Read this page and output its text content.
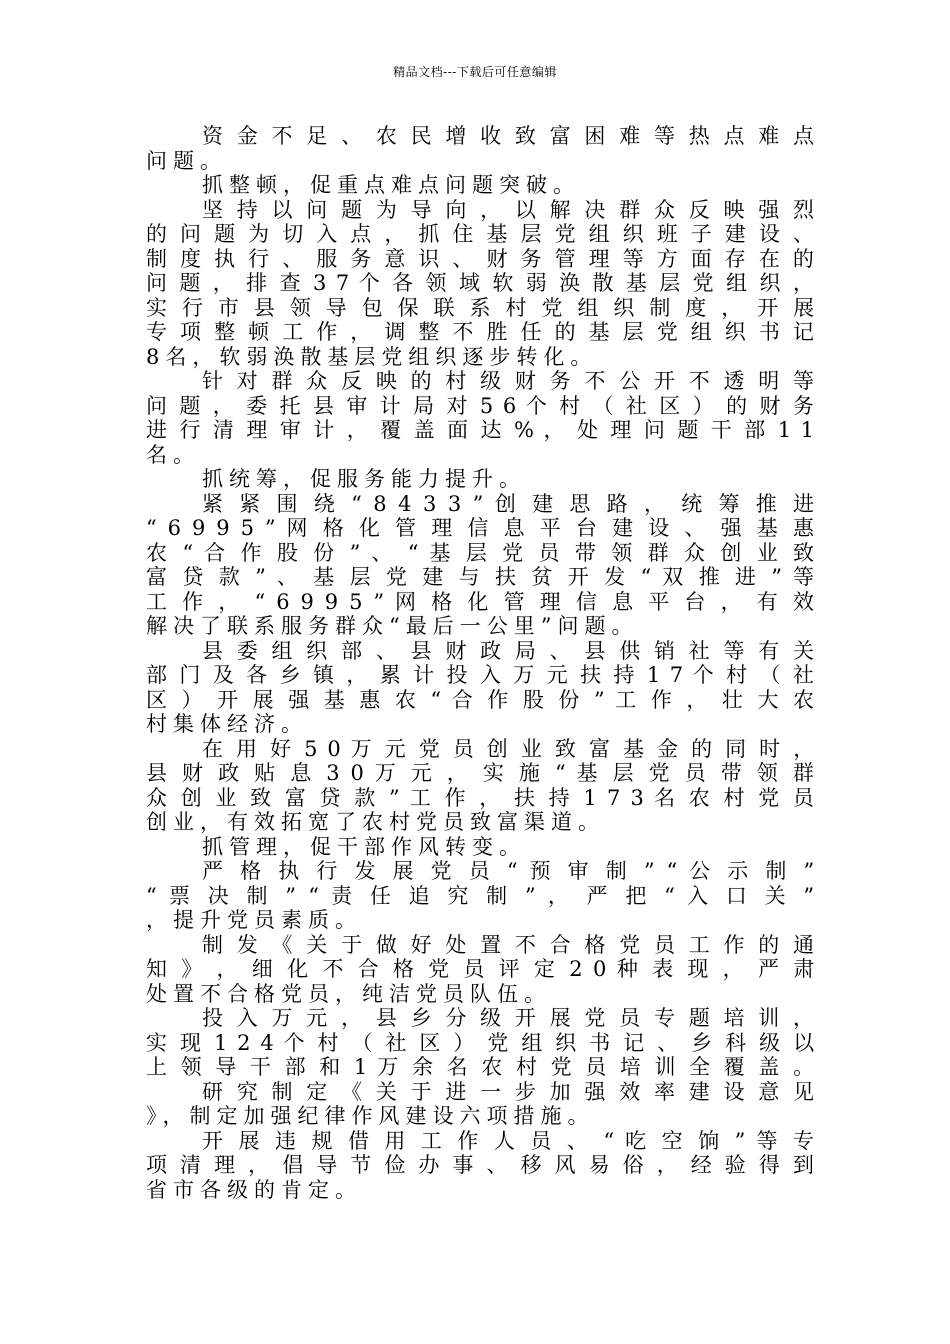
精品文档---下载后可任意编辑
资 金 不 足 、 农 民 增 收 致 富 困 难 等 热 点 难 点
问题。
抓整顿，促重点难点问题突破。
坚 持 以 问 题 为 导 向 ， 以 解 决 群 众 反 映 强 烈
的 问 题 为 切 入 点 ， 抓 住 基 层 党 组 织 班 子 建 设 、
制 度 执 行 、 服 务 意 识 、 财 务 管 理 等 方 面 存 在 的
问 题 ， 排 查 3 7 个 各 领 域 软 弱 涣 散 基 层 党 组 织 ，
实 行 市 县 领 导 包 保 联 系 村 党 组 织 制 度 ， 开 展
专 项 整 顿 工 作 ， 调 整 不 胜 任 的 基 层 党 组 织 书 记
8名，软弱涣散基层党组织逐步转化。
针 对 群 众 反 映 的 村 级 财 务 不 公 开 不 透 明 等
问 题 ， 委 托 县 审 计 局 对 5 6 个 村 （ 社 区 ） 的 财 务
进 行 清 理 审 计 ， 覆 盖 面 达 % ， 处 理 问 题 干 部 1 1
名。
抓统筹，促服务能力提升。
紧 紧 围 绕 “ 8 4 3 3 ” 创 建 思 路 ， 统 筹 推 进
“ 6 9 9 5 ” 网 格 化 管 理 信 息 平 台 建 设 、 强 基 惠
农 “ 合 作 股 份 ” 、 “ 基 层 党 员 带 领 群 众 创 业 致
富 贷 款 ” 、 基 层 党 建 与 扶 贫 开 发 “ 双 推 进 ” 等
工 作 ， “ 6 9 9 5 ” 网 格 化 管 理 信 息 平 台 ， 有 效
解决了联系服务群众“最后一公里”问题。
县 委 组 织 部 、 县 财 政 局 、 县 供 销 社 等 有 关
部 门 及 各 乡 镇 ， 累 计 投 入 万 元 扶 持 1 7 个 村 （ 社
区 ） 开 展 强 基 惠 农 “ 合 作 股 份 ” 工 作 ， 壮 大 农
村集体经济。
在 用 好 5 0 万 元 党 员 创 业 致 富 基 金 的 同 时 ，
县 财 政 贴 息 3 0 万 元 ， 实 施 “ 基 层 党 员 带 领 群
众 创 业 致 富 贷 款 ” 工 作 ， 扶 持 1 7 3 名 农 村 党 员
创业，有效拓宽了农村党员致富渠道。
抓管理，促干部作风转变。
严 格 执 行 发 展 党 员 “ 预 审 制 ” “ 公 示 制 ”
“ 票 决 制 ” “ 责 任 追 究 制 ” ， 严 把 “ 入 口 关 ”
，提升党员素质。
制 发 《 关 于 做 好 处 置 不 合 格 党 员 工 作 的 通
知 》 ， 细 化 不 合 格 党 员 评 定 2 0 种 表 现 ， 严 肃
处置不合格党员，纯洁党员队伍。
投 入 万 元 ， 县 乡 分 级 开 展 党 员 专 题 培 训 ，
实 现 1 2 4 个 村 （ 社 区 ） 党 组 织 书 记 、 乡 科 级 以
上 领 导 干 部 和 1 万 余 名 农 村 党 员 培 训 全 覆 盖 。
研 究 制 定 《 关 于 进 一 步 加 强 效 率 建 设 意 见
》，制定加强纪律作风建设六项措施。
开 展 违 规 借 用 工 作 人 员 、 “ 吃 空 饷 ” 等 专
项 清 理 ， 倡 导 节 俭 办 事 、 移 风 易 俗 ， 经 验 得 到
省市各级的肯定。
